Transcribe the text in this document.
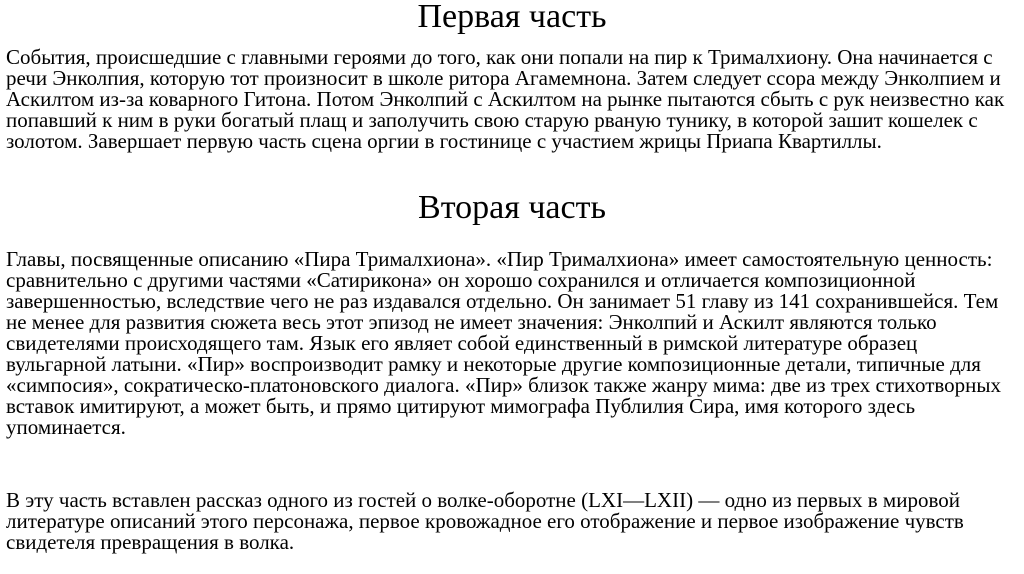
Первая часть

События, происшедшие с главными героями до того, как они попали на пир к Трималхиону. Она начинается с речи Энколпия, которую тот произносит в школе ритора Агамемнона. Затем следует ссора между Энколпием и Аскилтом из-за коварного Гитона. Потом Энколпий с Аскилтом на рынке пытаются сбыть с рук неизвестно как попавший к ним в руки богатый плащ и заполучить свою старую рваную тунику, в которой зашит кошелек с золотом. Завершает первую часть сцена оргии в гостинице с участием жрицы Приапа Квартиллы.

Вторая часть

Главы, посвященные описанию «Пира Трималхиона». «Пир Трималхиона» имеет самостоятельную ценность: сравнительно с другими частями «Сатирикона» он хорошо сохранился и отличается композиционной завершенностью, вследствие чего не раз издавался отдельно. Он занимает 51 главу из 141 сохранившейся. Тем не менее для развития сюжета весь этот эпизод не имеет значения: Энколпий и Аскилт являются только свидетелями происходящего там. Язык его являет собой единственный в римской литературе образец вульгарной латыни. «Пир» воспроизводит рамку и некоторые другие композиционные детали, типичные для «симпосия», сократическо-платоновского диалога. «Пир» близок также жанру мима: две из трех стихотворных вставок имитируют, а может быть, и прямо цитируют мимографа Публилия Сира, имя которого здесь упоминается.

В эту часть вставлен рассказ одного из гостей о волке-оборотне (LXI—LXII) — одно из первых в мировой литературе описаний этого персонажа, первое кровожадное его отображение и первое изображение чувств свидетеля превращения в волка.
